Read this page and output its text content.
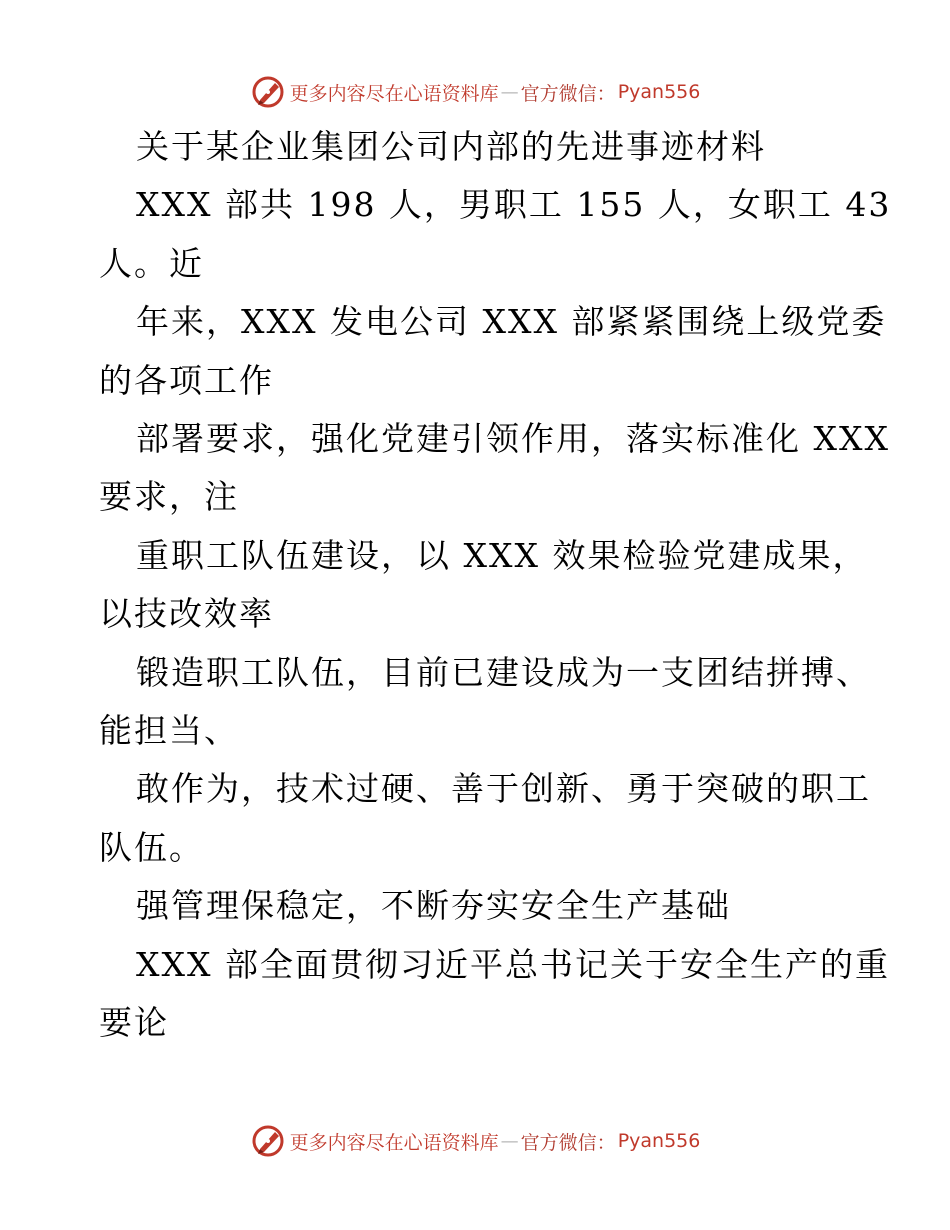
更多内容尽在心语资料库 — 官方微信： Pyan556

关于某企业集团公司内部的先进事迹材料

XXX 部共 198 人，男职工 155 人，女职工 43

人。近

年来，XXX 发电公司 XXX 部紧紧围绕上级党委

的各项工作

部署要求，强化党建引领作用，落实标准化 XXX

要求，注

重职工队伍建设，以 XXX 效果检验党建成果，

以技改效率

锻造职工队伍，目前已建设成为一支团结拼搏、

能担当、

敢作为，技术过硬、善于创新、勇于突破的职工

队伍。

强管理保稳定，不断夯实安全生产基础

XXX 部全面贯彻习近平总书记关于安全生产的重

要论

更多内容尽在心语资料库 — 官方微信： Pyan556
